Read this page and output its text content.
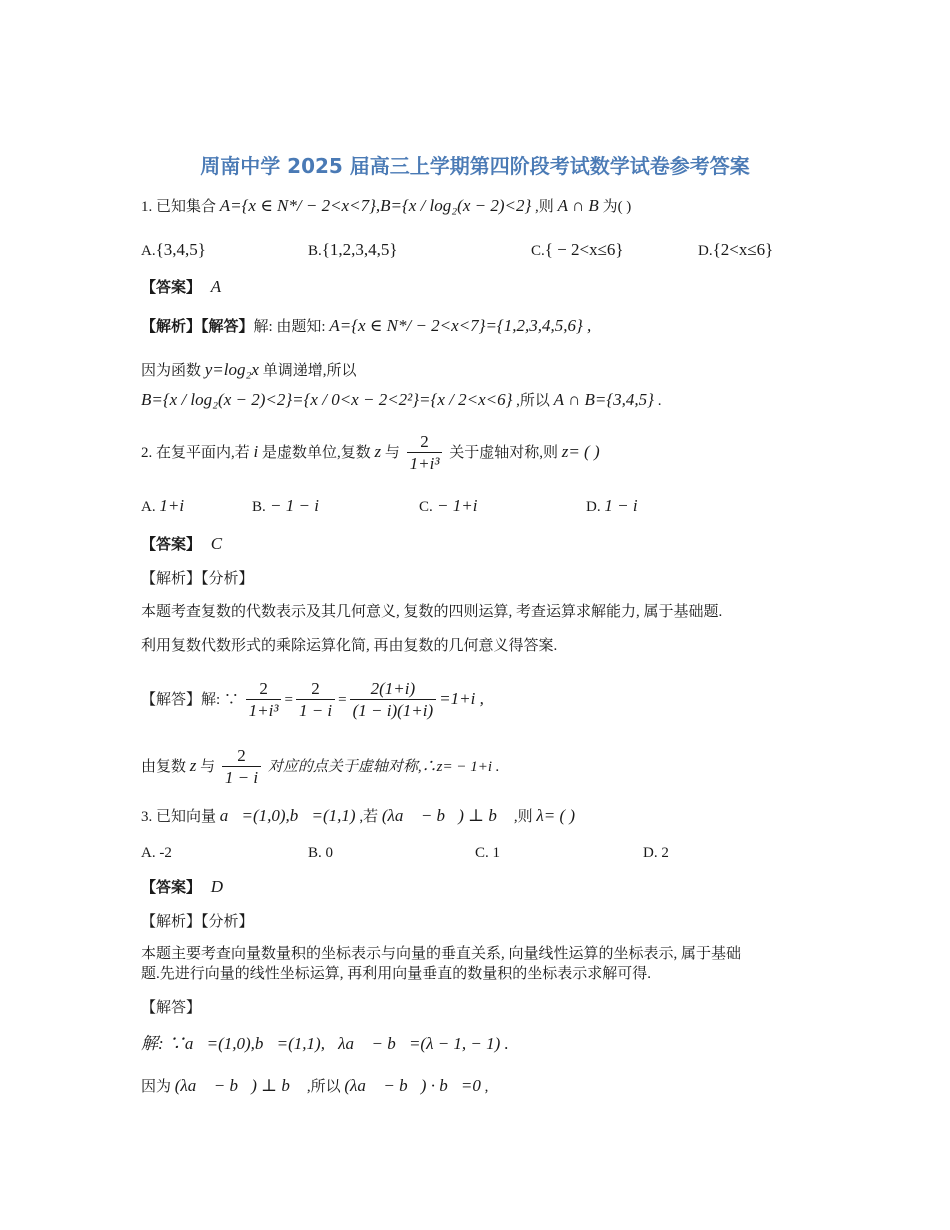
周南中学 2025 届高三上学期第四阶段考试数学试卷参考答案
1. 已知集合 A={x ∈ N*/ − 2<x<7},B={x / log₂(x − 2)<2} ,则 A ∩ B 为( )
A.{3,4,5}	B.{1,2,3,4,5}	C.{ − 2<x≤6}	D.{2<x≤6}
【答案】 A
【解析】【解答】解: 由题知: A={x ∈ N*/ − 2<x<7}={1,2,3,4,5,6} ,
因为函数 y=log₂x 单调递增,所以
B={x / log₂(x − 2)<2}={x / 0<x − 2<2²}={x / 2<x<6} ,所以 A ∩ B={3,4,5} .
2. 在复平面内,若 i 是虚数单位,复数 z 与 $\frac{2}{\text{1+i³}}$ 关于虚轴对称,则 z= ( )
A. 1+i	B. − 1 − i	C. − 1+i	D. 1 − i
【答案】 C
【解析】【分析】
本题考查复数的代数表示及其几何意义, 复数的四则运算, 考查运算求解能力, 属于基础题.
利用复数代数形式的乘除运算化简, 再由复数的几何意义得答案.
【解答】解: ∵ $\frac{2}{\text{1+i³}} = \frac{2}{1 - i} = \frac{2(1+i)}{(1 - i)(1+i)} =1+i$ ,
由复数 z 与 $\frac{2}{1 - i}$ 对应的点关于虚轴对称,∴z= − 1+i .
3. 已知向量 a⃗=(1,0),b⃗=(1,1) ,若 (λa⃗ − b⃗) ⊥ b⃗ ,则 λ= ( )
A. -2	B. 0	C. 1	D. 2
【答案】 D
【解析】【分析】
本题主要考查向量数量积的坐标表示与向量的垂直关系, 向量线性运算的坐标表示, 属于基础
题.先进行向量的线性坐标运算, 再利用向量垂直的数量积的坐标表示求解可得.
【解答】
解: ∵a⃗=(1,0),b⃗=(1,1),∴λa⃗ − b⃗=(λ − 1, − 1) .
因为 (λa⃗ − b⃗) ⊥ b⃗ ,所以 (λa⃗ − b⃗) · b⃗=0 ,
